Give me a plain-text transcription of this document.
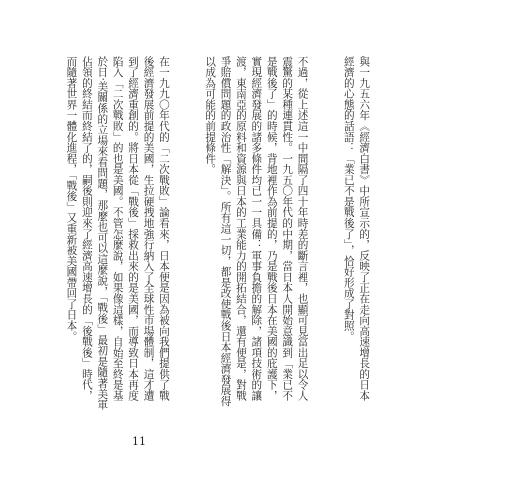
與一九五六年《經濟白書》中所宣示的，反映了正在走向高速增長的日本經濟的心態的話語：「業已不是戰後了」，恰好形成了對照。

不過，從上述這一中間隔了四十年時差的斷言裡，也顯可見當出足以令人震驚的某種連貫性。一九五〇年代的中期，當日本人開始意識到「業已不是戰後了」的時候，背地裡作為前提的，乃是戰後日本在美國的庇護下，實現經濟發展的諸多條件均已一一具備：軍事負擔的解除，諸項技術的讓渡，東南亞的原料和資源與日本的工業能力的開拓結合，還有便是，對戰爭賠償問題的政治性「解決」。所有這一切，都是改使戰後日本經濟發展得以成為可能的前提條件。

在一九九〇年代的「二次戰敗」論看來，日本便是因為被向我們提供了戰後經濟發展前提的美國，生拉硬拽地強行納入了全球性市場體制，這才遭到了經濟重創的。將日本從「戰後」採救出來的是美國，而導致日本再度陷入「二次戰敗」的也是美國。不管怎麼說，如果像這樣，自始至終是基於日‧美關係的立場來看問題，那麼也可以這麼說，「戰後」最初是隨著美軍佔領的終結而終結了的，嗣後則迎來了經濟高速增長的「後戰後」時代，而隨著世界一體化進程，「戰後」又重新被美國帶回了日本。

11
